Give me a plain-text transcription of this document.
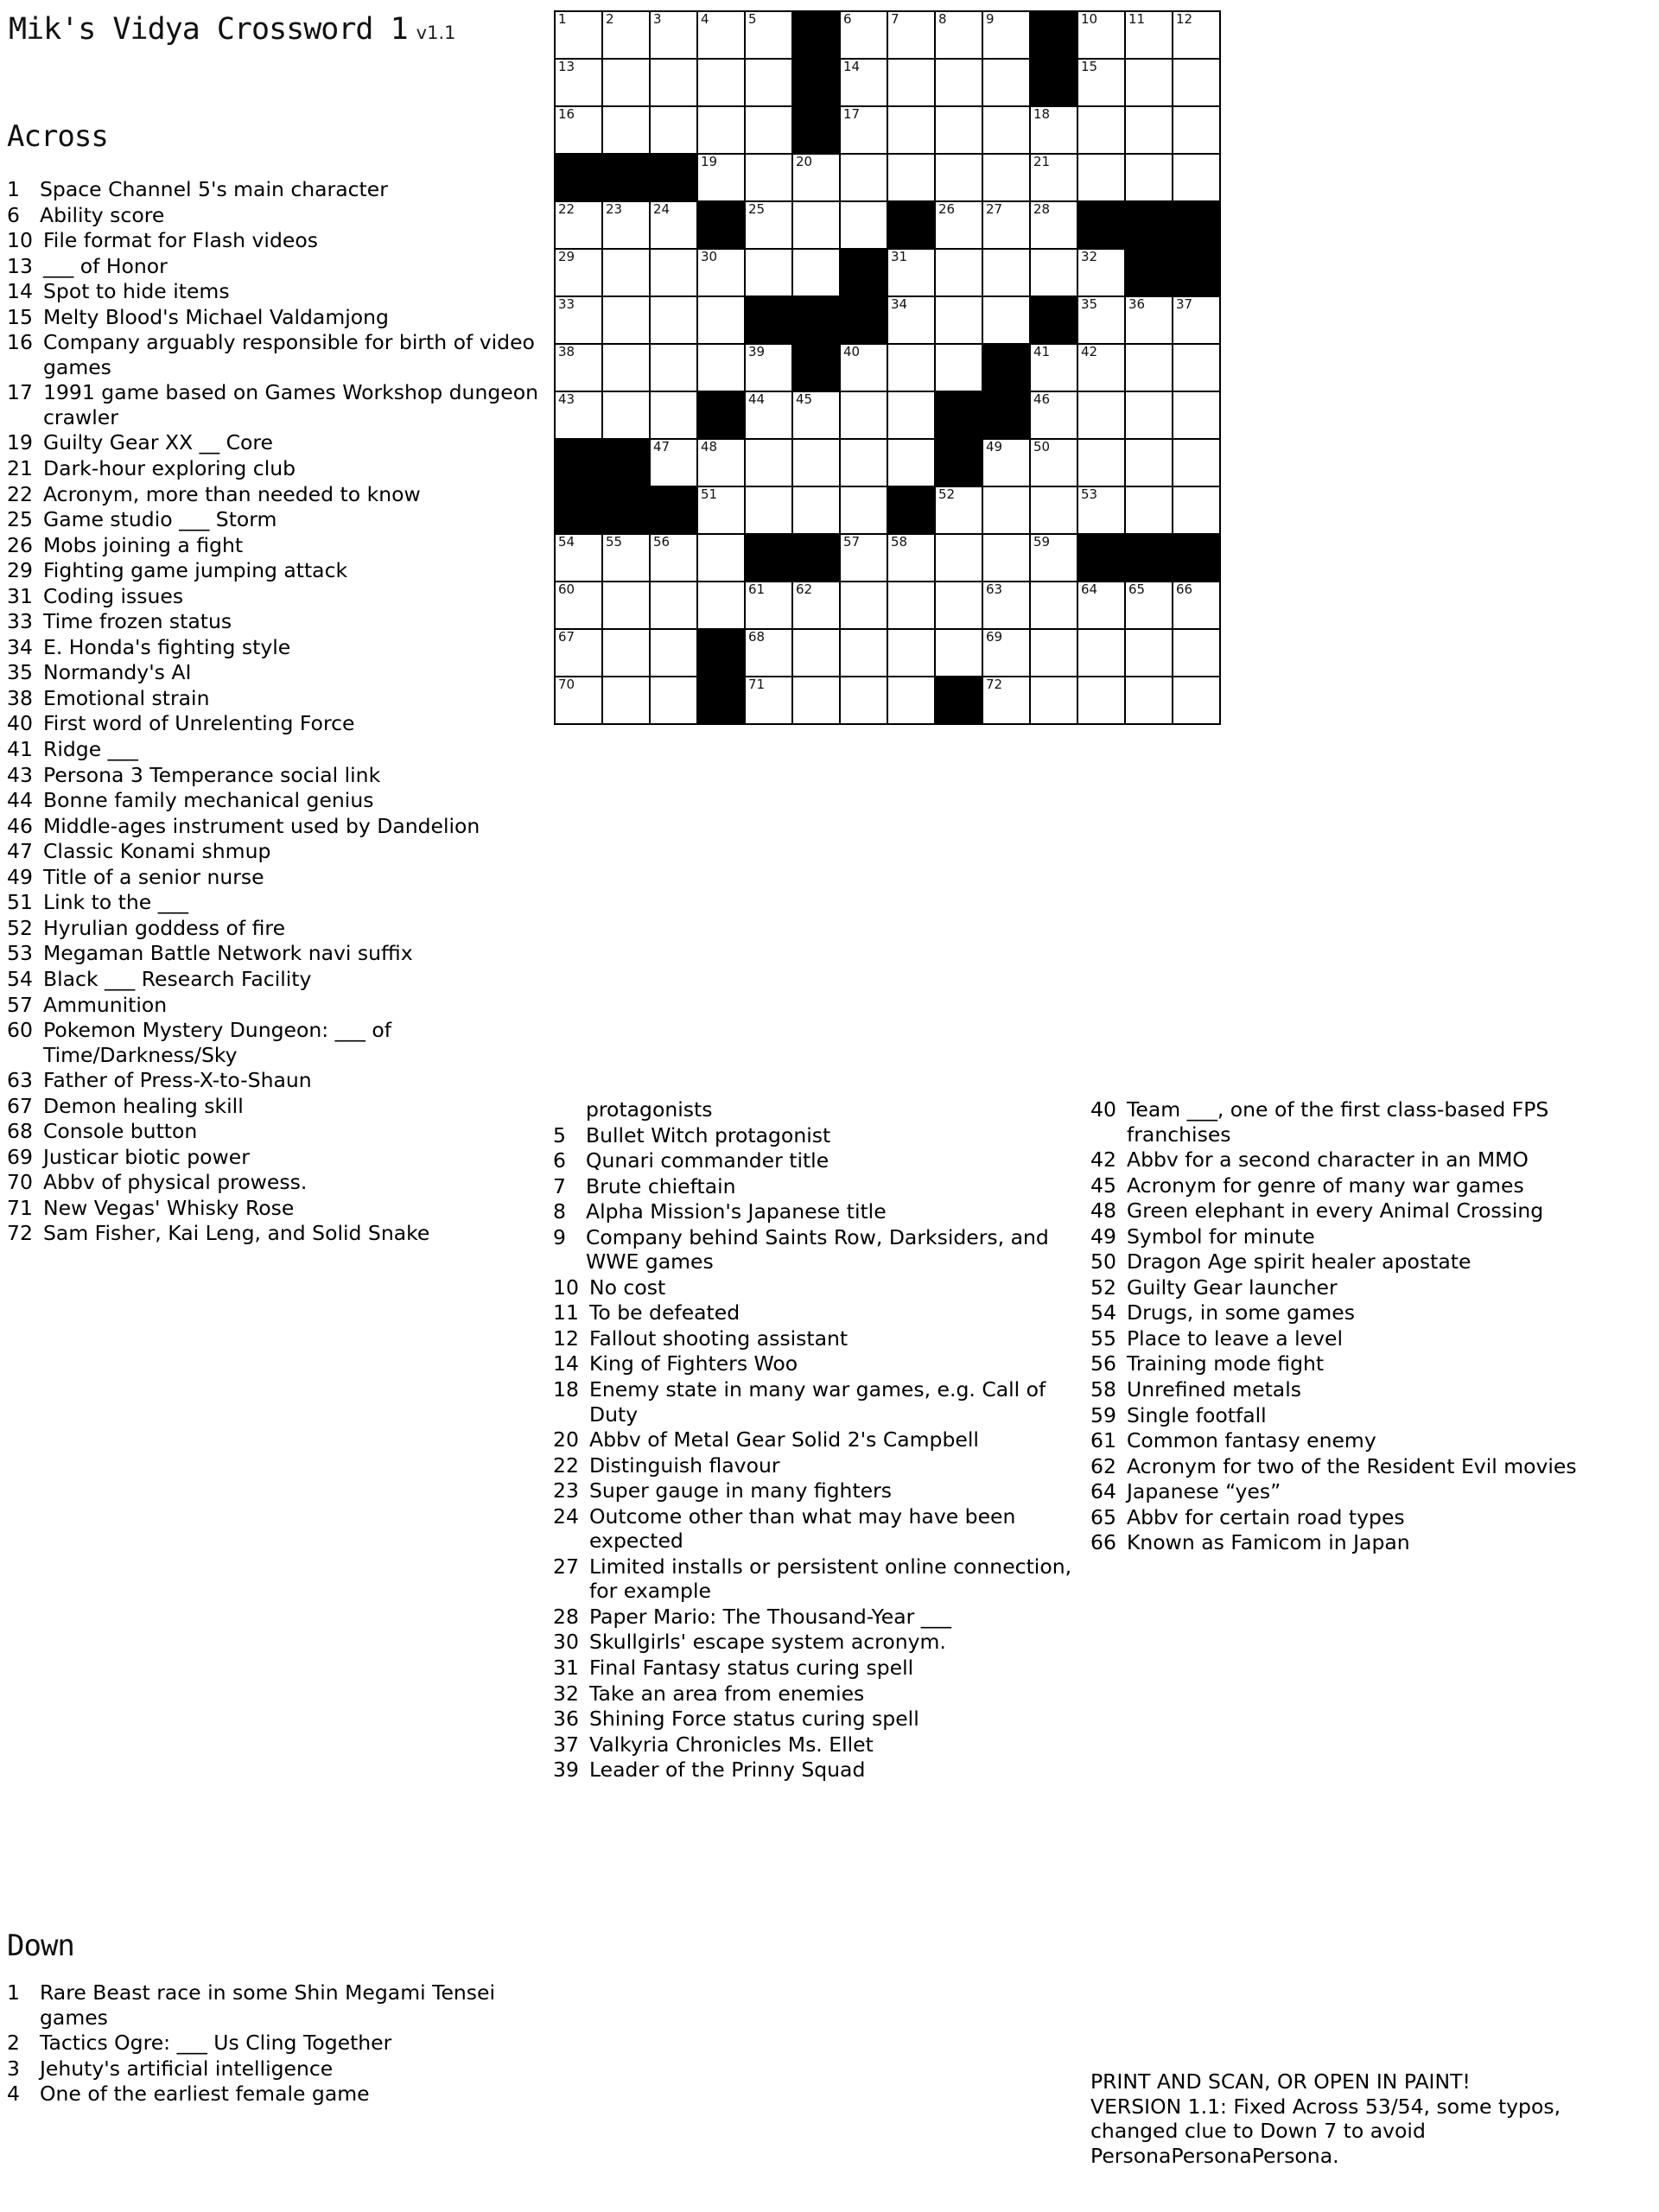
Mik's Vidya Crossword 1 v1.1
Across
1 Space Channel 5's main character
6 Ability score
10 File format for Flash videos
13 ___ of Honor
14 Spot to hide items
15 Melty Blood's Michael Valdamjong
16 Company arguably responsible for birth of video games
17 1991 game based on Games Workshop dungeon crawler
19 Guilty Gear XX __ Core
21 Dark-hour exploring club
22 Acronym, more than needed to know
25 Game studio ___ Storm
26 Mobs joining a fight
29 Fighting game jumping attack
31 Coding issues
33 Time frozen status
34 E. Honda's fighting style
35 Normandy's AI
38 Emotional strain
40 First word of Unrelenting Force
41 Ridge ___
43 Persona 3 Temperance social link
44 Bonne family mechanical genius
46 Middle-ages instrument used by Dandelion
47 Classic Konami shmup
49 Title of a senior nurse
51 Link to the ___
52 Hyrulian goddess of fire
53 Megaman Battle Network navi suffix
54 Black ___ Research Facility
57 Ammunition
60 Pokemon Mystery Dungeon: ___ of Time/Darkness/Sky
63 Father of Press-X-to-Shaun
67 Demon healing skill
68 Console button
69 Justicar biotic power
70 Abbv of physical prowess.
71 New Vegas' Whisky Rose
72 Sam Fisher, Kai Leng, and Solid Snake
Down
1 Rare Beast race in some Shin Megami Tensei games
2 Tactics Ogre: ___ Us Cling Together
3 Jehuty's artificial intelligence
4 One of the earliest female game
protagonists
5 Bullet Witch protagonist
6 Qunari commander title
7 Brute chieftain
8 Alpha Mission's Japanese title
9 Company behind Saints Row, Darksiders, and WWE games
10 No cost
11 To be defeated
12 Fallout shooting assistant
14 King of Fighters Woo
18 Enemy state in many war games, e.g. Call of Duty
20 Abbv of Metal Gear Solid 2's Campbell
22 Distinguish flavour
23 Super gauge in many fighters
24 Outcome other than what may have been expected
27 Limited installs or persistent online connection, for example
28 Paper Mario: The Thousand-Year ___
30 Skullgirls' escape system acronym.
31 Final Fantasy status curing spell
32 Take an area from enemies
36 Shining Force status curing spell
37 Valkyria Chronicles Ms. Ellet
39 Leader of the Prinny Squad
40 Team ___, one of the first class-based FPS franchises
42 Abbv for a second character in an MMO
45 Acronym for genre of many war games
48 Green elephant in every Animal Crossing
49 Symbol for minute
50 Dragon Age spirit healer apostate
52 Guilty Gear launcher
54 Drugs, in some games
55 Place to leave a level
56 Training mode fight
58 Unrefined metals
59 Single footfall
61 Common fantasy enemy
62 Acronym for two of the Resident Evil movies
64 Japanese “yes”
65 Abbv for certain road types
66 Known as Famicom in Japan
PRINT AND SCAN, OR OPEN IN PAINT!
VERSION 1.1: Fixed Across 53/54, some typos, changed clue to Down 7 to avoid PersonaPersonaPersona.
1	2	3	4	5		6	7	8	9		10	11	12

13						14					15		

16						17				18			

			19		20					21			

22	23	24		25				26	27	28			

29			30				31				32		

33							34				35	36	37

38				39		40				41	42		

43				44	45					46			

		47	48						49	50			

			51					52			53		

54	55	56				57	58			59			

60				61	62				63		64	65	66

67				68					69				

70				71					72				
